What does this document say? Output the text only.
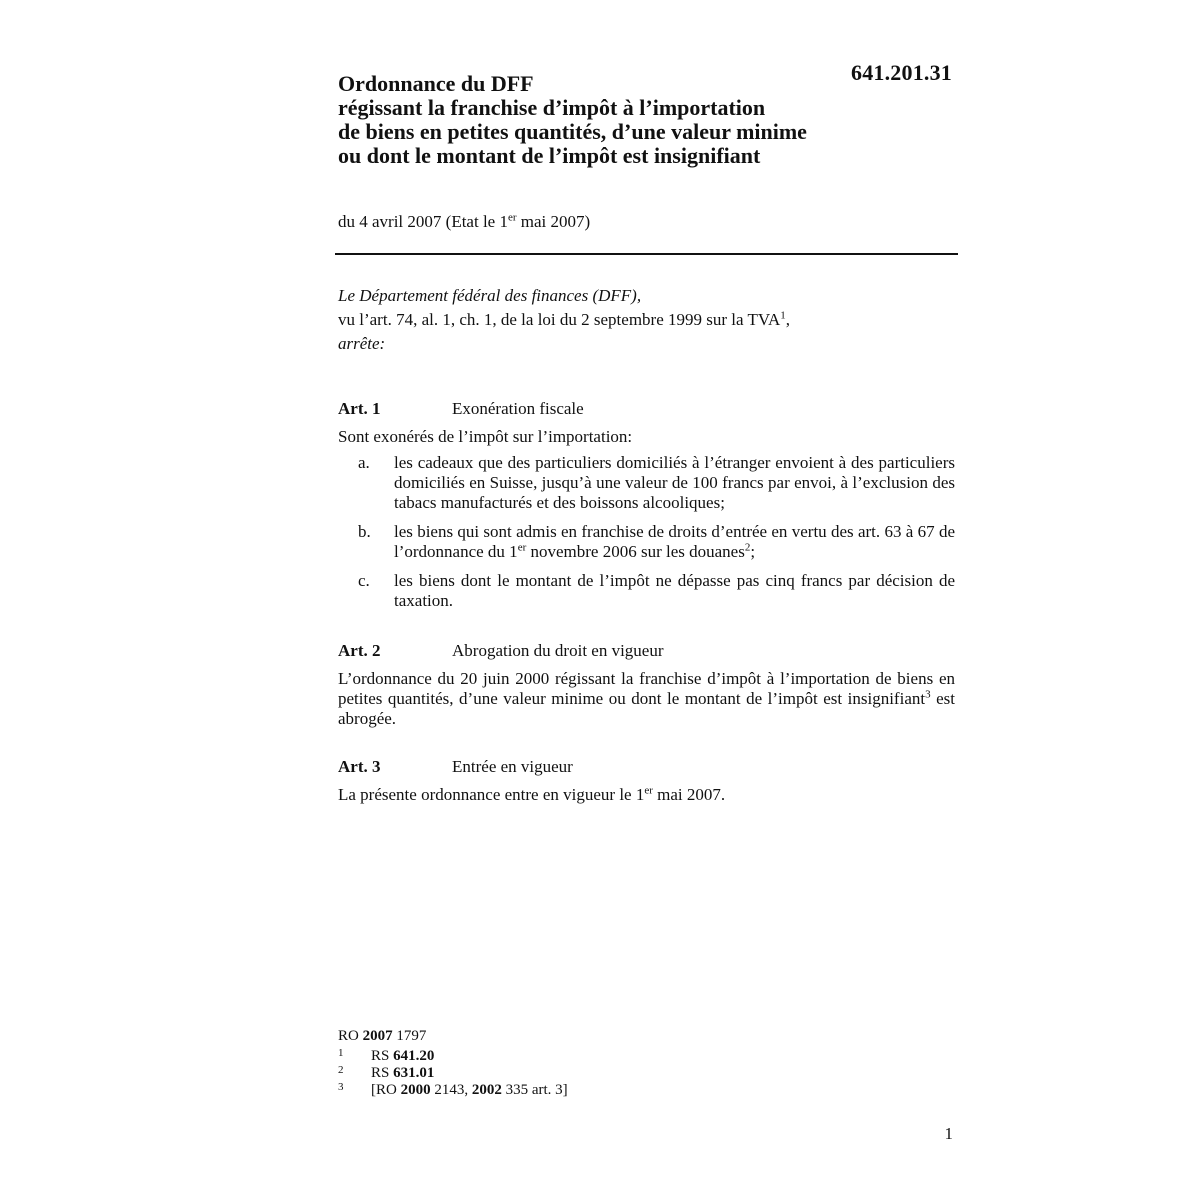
641.201.31
Ordonnance du DFF
régissant la franchise d’impôt à l’importation
de biens en petites quantités, d’une valeur minime
ou dont le montant de l’impôt est insignifiant
du 4 avril 2007 (Etat le 1er mai 2007)
Le Département fédéral des finances (DFF),
vu l’art. 74, al. 1, ch. 1, de la loi du 2 septembre 1999 sur la TVA$^1$,
arrête:
Art. 1	Exonération fiscale
Sont exonérés de l’impôt sur l’importation:
a. les cadeaux que des particuliers domiciliés à l’étranger envoient à des particuliers domiciliés en Suisse, jusqu’à une valeur de 100 francs par envoi, à l’exclusion des tabacs manufacturés et des boissons alcooliques;
b. les biens qui sont admis en franchise de droits d’entrée en vertu des art. 63 à 67 de l’ordonnance du 1er novembre 2006 sur les douanes$^2$;
c. les biens dont le montant de l’impôt ne dépasse pas cinq francs par décision de taxation.
Art. 2	Abrogation du droit en vigueur
L’ordonnance du 20 juin 2000 régissant la franchise d’impôt à l’importation de biens en petites quantités, d’une valeur minime ou dont le montant de l’impôt est insignifiant$^3$ est abrogée.
Art. 3	Entrée en vigueur
La présente ordonnance entre en vigueur le 1er mai 2007.
RO 2007 1797
1 RS 641.20
2 RS 631.01
3 [RO 2000 2143, 2002 335 art. 3]
1
